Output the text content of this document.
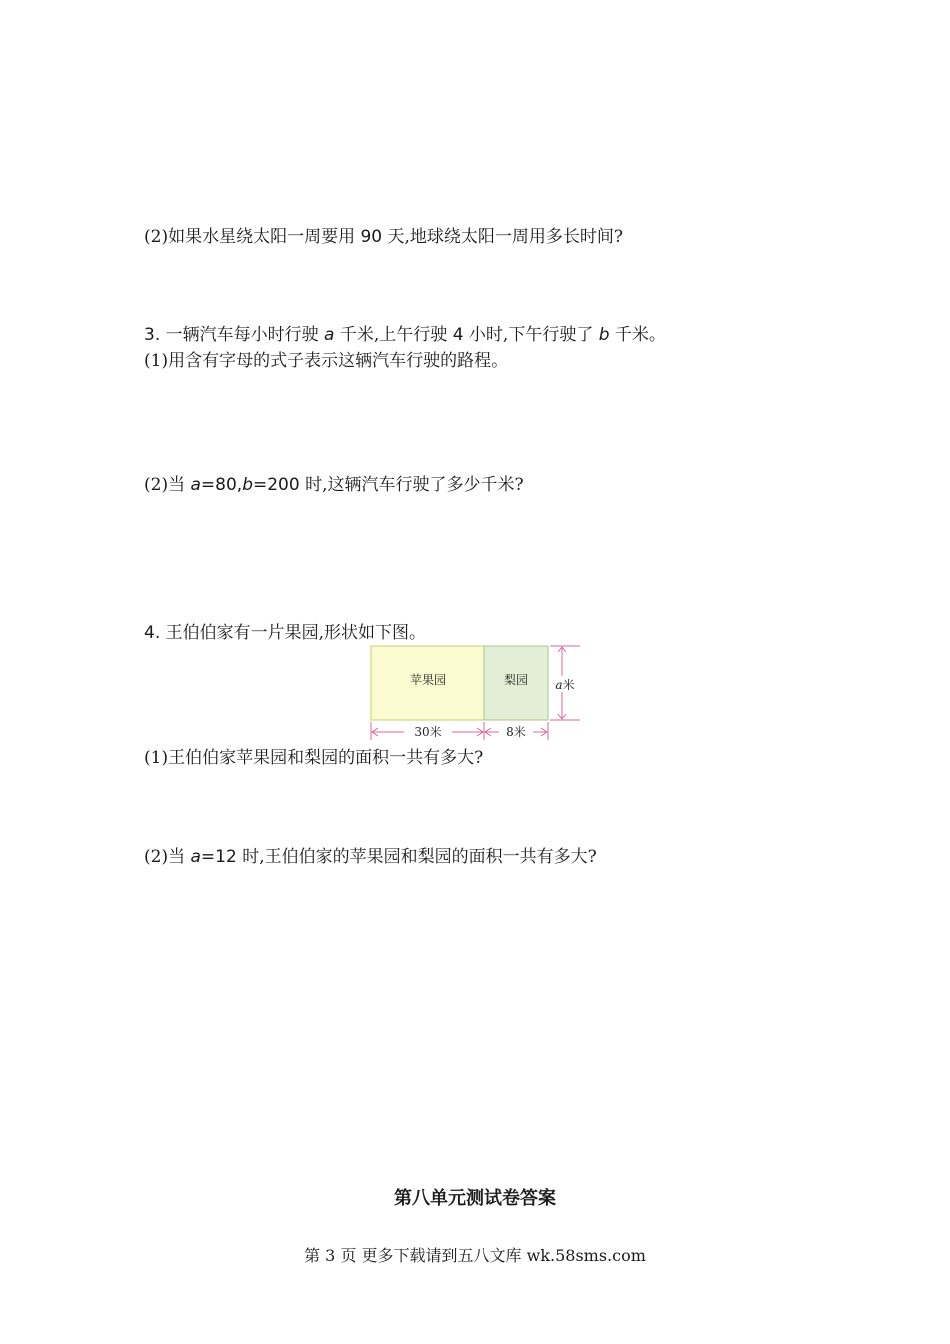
(2)如果水星绕太阳一周要用 90 天,地球绕太阳一周用多长时间?
3. 一辆汽车每小时行驶 a 千米,上午行驶 4 小时,下午行驶了 b 千米。
(1)用含有字母的式子表示这辆汽车行驶的路程。
(2)当 a=80,b=200 时,这辆汽车行驶了多少千米?
4. 王伯伯家有一片果园,形状如下图。
苹果园	梨园 a米
30米	8米
(1)王伯伯家苹果园和梨园的面积一共有多大?
(2)当 a=12 时,王伯伯家的苹果园和梨园的面积一共有多大?
第八单元测试卷答案
第 3 页 更多下载请到五八文库 wk.58sms.com
